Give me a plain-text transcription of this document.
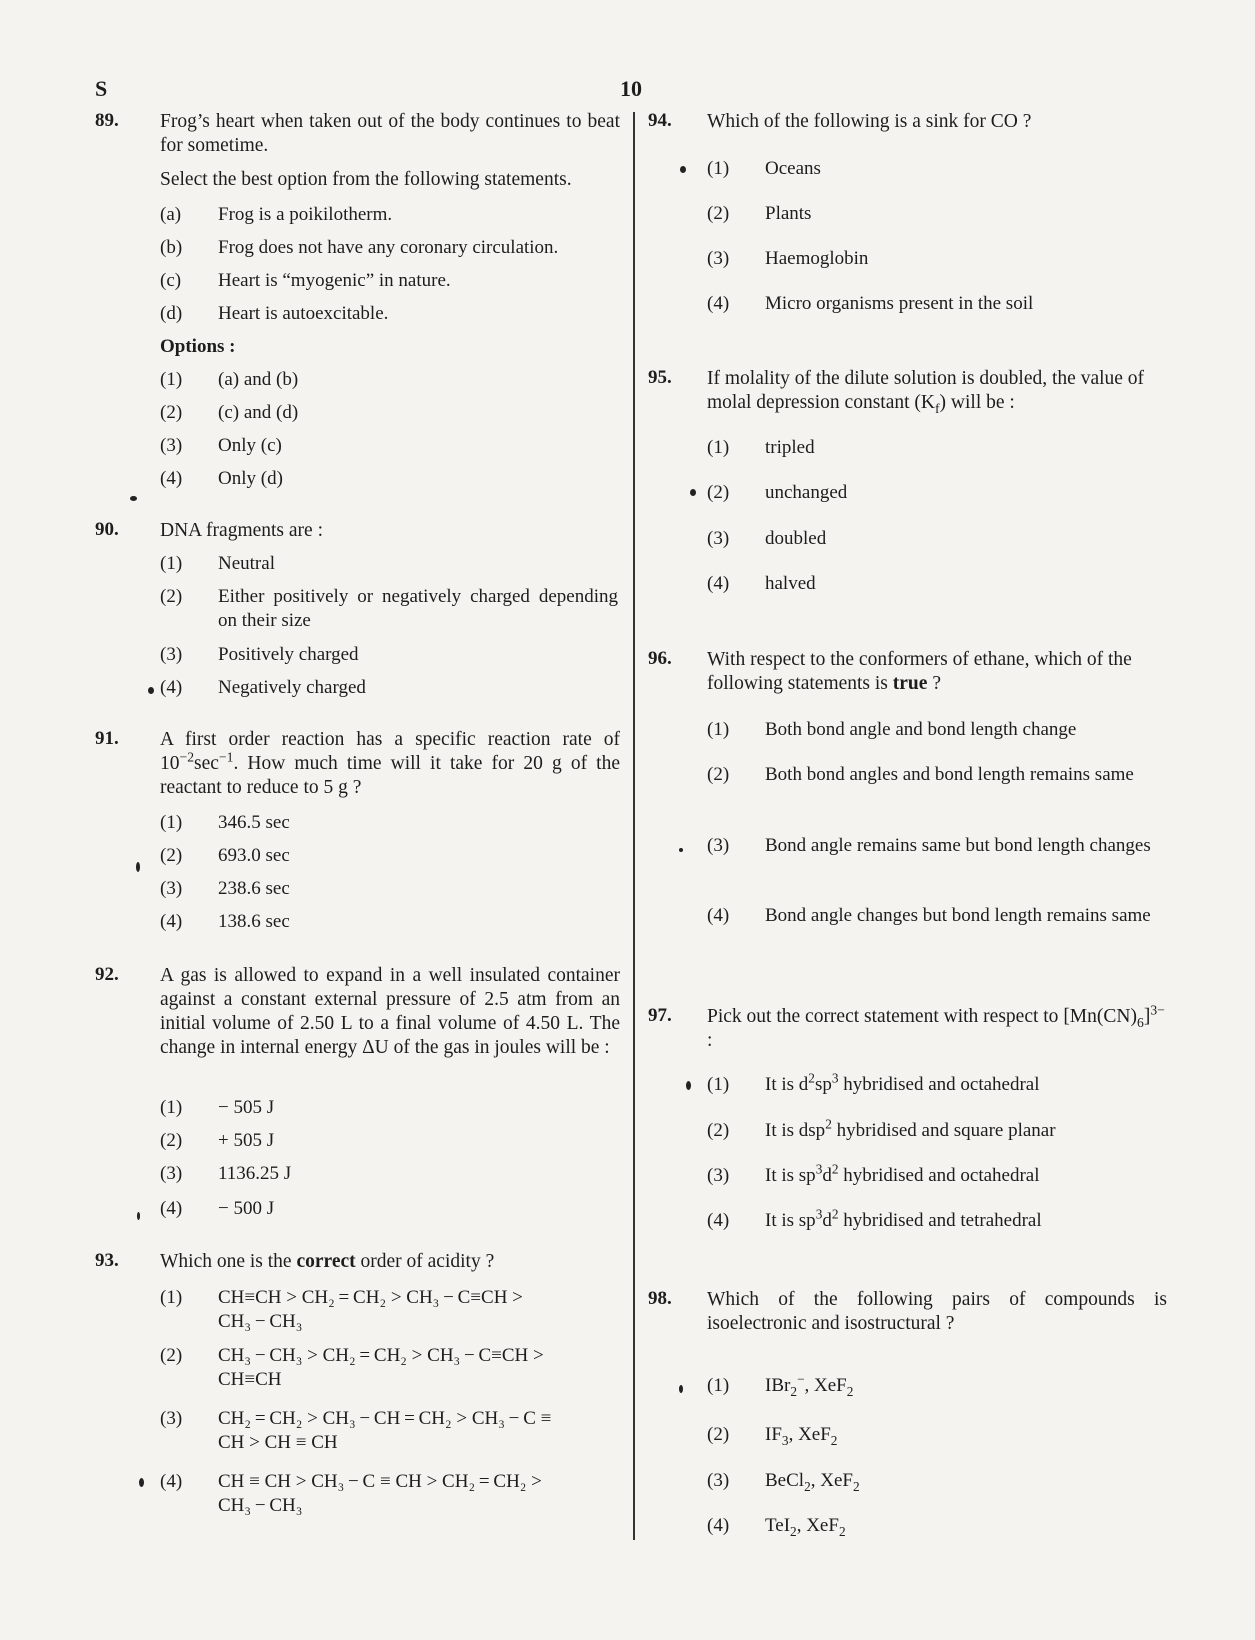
S	10
89. Frog’s heart when taken out of the body continues to beat for sometime.
Select the best option from the following statements.
(a) Frog is a poikilotherm.
(b) Frog does not have any coronary circulation.
(c) Heart is “myogenic” in nature.
(d) Heart is autoexcitable.
Options :
(1) (a) and (b)
(2) (c) and (d)
(3) Only (c)
(4) Only (d)
90. DNA fragments are :
(1) Neutral
(2) Either positively or negatively charged depending on their size
(3) Positively charged
(4) Negatively charged
91. A first order reaction has a specific reaction rate of $10^{-2}\sec^{-1}$. How much time will it take for 20 g of the reactant to reduce to 5 g ?
(1) 346.5 sec
(2) 693.0 sec
(3) 238.6 sec
(4) 138.6 sec
92. A gas is allowed to expand in a well insulated container against a constant external pressure of 2.5 atm from an initial volume of 2.50 L to a final volume of 4.50 L. The change in internal energy ΔU of the gas in joules will be :
(1) − 505 J
(2) + 505 J
(3) 1136.25 J
(4) − 500 J
93. Which one is the correct order of acidity ?
(1) CH≡CH > CH₂ = CH₂ > CH₃ − C≡CH >
CH₃ − CH₃
(2) CH₃ − CH₃ > CH₂ = CH₂ > CH₃ − C≡CH >
CH≡CH
(3) CH₂ = CH₂ > CH₃ − CH = CH₂ > CH₃ − C ≡
CH > CH ≡ CH
(4) CH ≡ CH > CH₃ − C ≡ CH > CH₂ = CH₂ >
CH₃ − CH₃
94. Which of the following is a sink for CO ?
(1) Oceans
(2) Plants
(3) Haemoglobin
(4) Micro organisms present in the soil
95. If molality of the dilute solution is doubled, the value of molal depression constant $(K_f)$ will be :
(1) tripled
(2) unchanged
(3) doubled
(4) halved
96. With respect to the conformers of ethane, which of the following statements is true ?
(1) Both bond angle and bond length change
(2) Both bond angles and bond length remains same
(3) Bond angle remains same but bond length changes
(4) Bond angle changes but bond length remains same
97. Pick out the correct statement with respect to $[Mn(CN)_6]^{3-}$ :
(1) It is $d^2sp^3$ hybridised and octahedral
(2) It is dsp$^2$ hybridised and square planar
(3) It is $sp^3d^2$ hybridised and octahedral
(4) It is $sp^3d^2$ hybridised and tetrahedral
98. Which of the following pairs of compounds is isoelectronic and isostructural ?
(1) IBr$_2$−, XeF$_2$
(2) $IF_3$, XeF$_2$
(3) BeCl$_2$, XeF$_2$
(4) TeI$_2$, XeF$_2$
